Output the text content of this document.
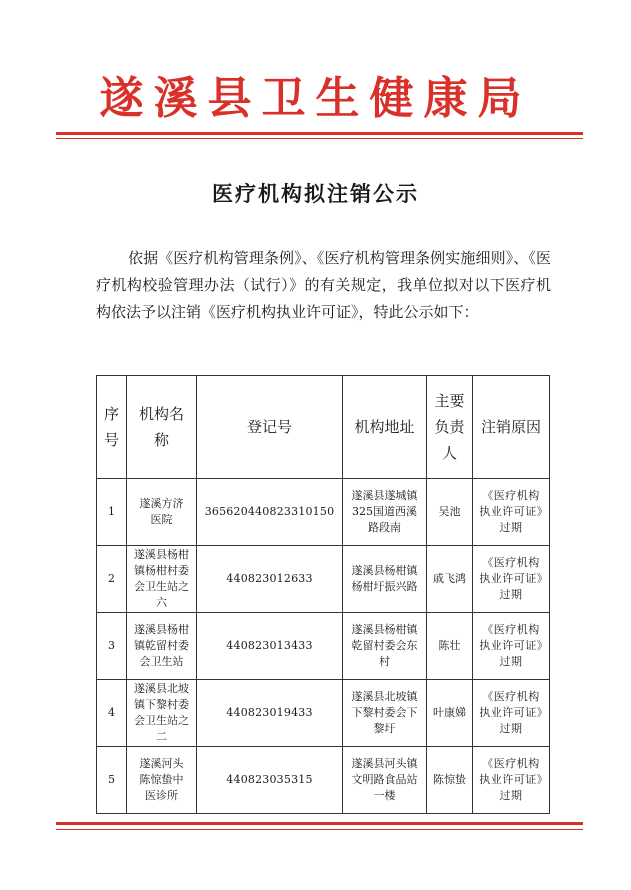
遂溪县卫生健康局
医疗机构拟注销公示

依据《医疗机构管理条例》、《医疗机构管理条例实施细则》、《医疗机构校验管理办法（试行）》的有关规定，我单位拟对以下医疗机构依法予以注销《医疗机构执业许可证》，特此公示如下：

序号	机构名称	登记号	机构地址	主要负责人	注销原因

1	遂溪方济医院	365620440823310150	遂溪县遂城镇325国道西溪路段南	吴池	《医疗机构执业许可证》过期

2	遂溪县杨柑镇杨柑村委会卫生站之六	440823012633	遂溪县杨柑镇杨柑圩振兴路	戚飞鸿	《医疗机构执业许可证》过期

3	遂溪县杨柑镇乾留村委会卫生站	440823013433	遂溪县杨柑镇乾留村委会东村	陈壮	《医疗机构执业许可证》过期

4	遂溪县北坡镇下黎村委会卫生站之二	440823019433	遂溪县北坡镇下黎村委会下黎圩	叶康娣	《医疗机构执业许可证》过期

5	遂溪河头陈惊蛰中医诊所	440823035315	遂溪县河头镇文明路食品站一楼	陈惊蛰	《医疗机构执业许可证》过期
